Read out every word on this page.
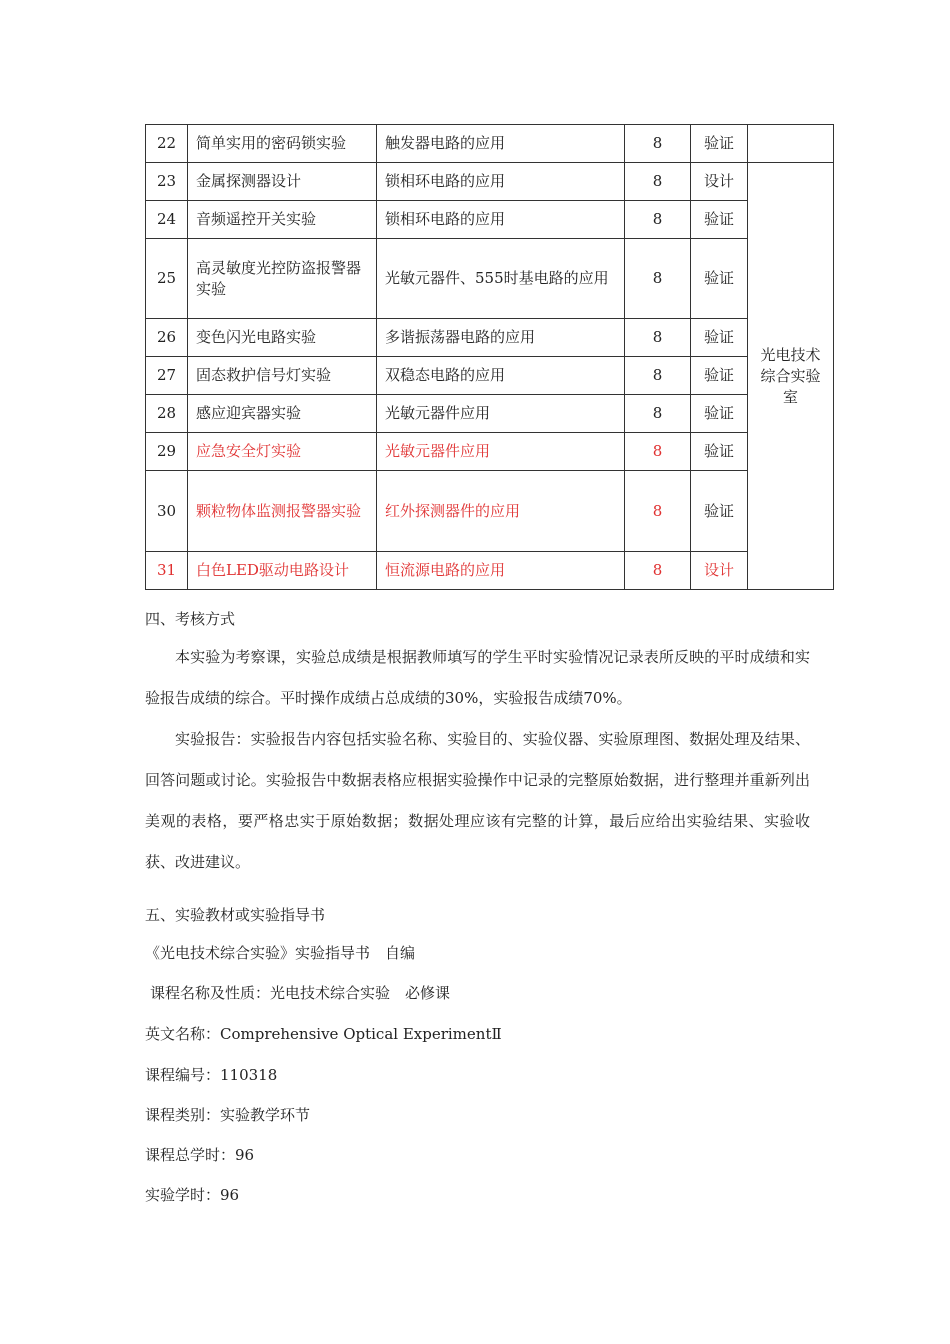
22	简单实用的密码锁实验	触发器电路的应用	8	验证	
23	金属探测器设计	锁相环电路的应用	8	设计	光电技术综合实验室
24	音频遥控开关实验	锁相环电路的应用	8	验证	
25	高灵敏度光控防盗报警器实验	光敏元器件、555时基电路的应用	8	验证	
26	变色闪光电路实验	多谐振荡器电路的应用	8	验证	
27	固态救护信号灯实验	双稳态电路的应用	8	验证	
28	感应迎宾器实验	光敏元器件应用	8	验证	
29	应急安全灯实验	光敏元器件应用	8	验证	
30	颗粒物体监测报警器实验	红外探测器件的应用	8	验证	
31	白色LED驱动电路设计	恒流源电路的应用	8	设计	
四、考核方式
本实验为考察课，实验总成绩是根据教师填写的学生平时实验情况记录表所反映的平时成绩和实验报告成绩的综合。平时操作成绩占总成绩的30%，实验报告成绩70%。
实验报告：实验报告内容包括实验名称、实验目的、实验仪器、实验原理图、数据处理及结果、回答问题或讨论。实验报告中数据表格应根据实验操作中记录的完整原始数据，进行整理并重新列出美观的表格，要严格忠实于原始数据；数据处理应该有完整的计算，最后应给出实验结果、实验收获、改进建议。
五、实验教材或实验指导书
《光电技术综合实验》实验指导书　自编
课程名称及性质：光电技术综合实验　必修课
英文名称：Comprehensive Optical ExperimentⅡ
课程编号：110318
课程类别：实验教学环节
课程总学时：96
实验学时：96
